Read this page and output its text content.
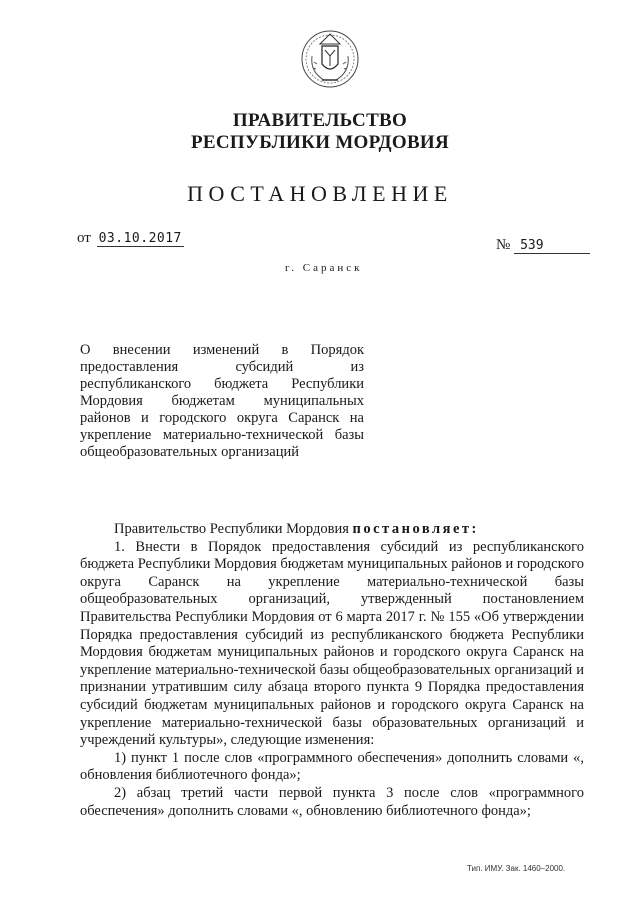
ПРАВИТЕЛЬСТВО
РЕСПУБЛИКИ МОРДОВИЯ
ПОСТАНОВЛЕНИЕ
от 03.10.2017	№ 539
г. Саранск
О внесении изменений в Порядок предоставления субсидий из республиканского бюджета Республики Мордовия бюджетам муниципальных районов и городского округа Саранск на укрепление материально-технической базы общеобразовательных организаций

Правительство Республики Мордовия постановляет:

1. Внести в Порядок предоставления субсидий из республиканского бюджета Республики Мордовия бюджетам муниципальных районов и городского округа Саранск на укрепление материально-технической базы общеобразовательных организаций, утвержденный постановлением Правительства Республики Мордовия от 6 марта 2017 г. № 155 «Об утверждении Порядка предоставления субсидий из республиканского бюджета Республики Мордовия бюджетам муниципальных районов и городского округа Саранск на укрепление материально-технической базы общеобразовательных организаций и признании утратившим силу абзаца второго пункта 9 Порядка предоставления субсидий бюджетам муниципальных районов и городского округа Саранск на укрепление материально-технической базы образовательных организаций и учреждений культуры», следующие изменения:

1) пункт 1 после слов «программного обеспечения» дополнить словами «, обновления библиотечного фонда»;

2) абзац третий части первой пункта 3 после слов «программного обеспечения» дополнить словами «, обновлению библиотечного фонда»;

Тип. ИМУ. Зак. 1460–2000.
